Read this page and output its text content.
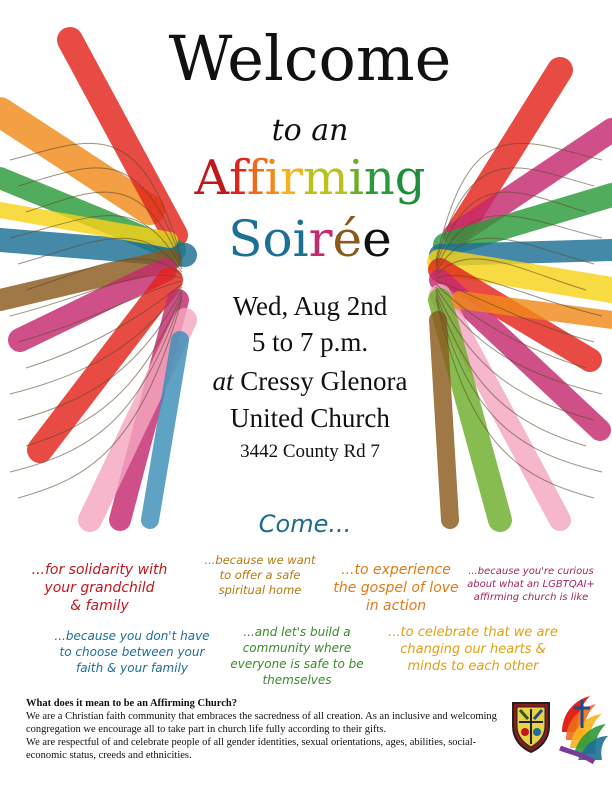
Welcome
to an
Affirming
Soirée
Wed, Aug 2nd
5 to 7 p.m.
at Cressy Glenora
United Church
3442 County Rd 7
Come...
...for solidarity with
your grandchild
& family
...because we want
to offer a safe
spiritual home
...to experience
the gospel of love
in action
...because you're curious
about what an LGBTQAI+
affirming church is like
...because you don't have
to choose between your
faith & your family
...and let's build a
community where
everyone is safe to be
themselves
...to celebrate that we are
changing our hearts &
minds to each other
What does it mean to be an Affirming Church?

We are a Christian faith community that embraces the sacredness of all creation. As an inclusive and welcoming congregation we encourage all to take part in church life fully according to their gifts.

We are respectful of and celebrate people of all gender identities, sexual orientations, ages, abilities, social-economic status, creeds and ethnicities.
